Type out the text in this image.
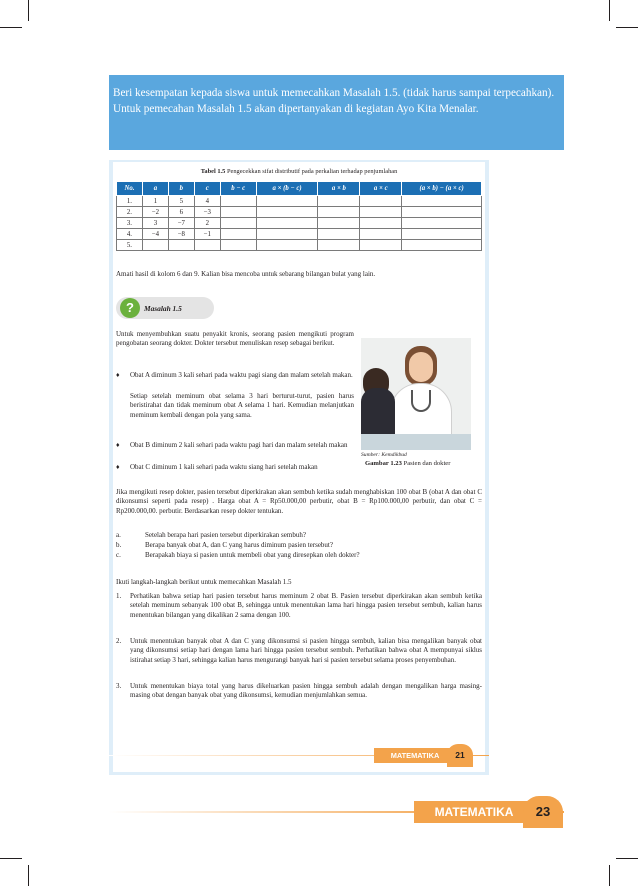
Beri kesempatan kepada siswa untuk memecahkan Masalah 1.5. (tidak harus sampai terpecahkan).

Untuk pemecahan Masalah 1.5 akan dipertanyakan di kegiatan Ayo Kita Menalar.

Tabel 1.5 Pengecekkan sifat distributif pada perkalian terhadap penjumlahan
No.	a	b	c	b − c	a × (b − c)	a × b	a × c	(a × b) − (a × c)
1.	1	5	4					
2.	−2	6	−3					
3.	3	−7	2					
4.	−4	−8	−1					
5.								
Amati hasil di kolom 6 dan 9. Kalian bisa mencoba untuk sebarang bilangan bulat yang lain.
?	Masalah 1.5
Untuk menyembuhkan suatu penyakit kronis, seorang pasien mengikuti program pengobatan seorang dokter. Dokter tersebut menuliskan resep sebagai berikut.
♦ Obat A diminum 3 kali sehari pada waktu pagi siang dan malam setelah makan.
Setiap setelah meminum obat selama 3 hari berturut-turut, pasien harus beristirahat dan tidak meminum obat A selama 1 hari. Kemudian melanjutkan meminum kembali dengan pola yang sama.
♦ Obat B diminum 2 kali sehari pada waktu pagi hari dan malam setelah makan
♦ Obat C diminum 1 kali sehari pada waktu siang hari setelah makan
Sumber: Kemdikbud
Gambar 1.23 Pasien dan dokter
Jika mengikuti resep dokter, pasien tersebut diperkirakan akan sembuh ketika sudah menghabiskan 100 obat B (obat A dan obat C dikonsumsi seperti pada resep) . Harga obat A = Rp50.000,00 perbutir, obat B = Rp100.000,00 perbutir, dan obat C = Rp200.000,00. perbutir. Berdasarkan resep dokter tentukan.
a.	Setelah berapa hari pasien tersebut diperkirakan sembuh?
b.	Berapa banyak obat A, dan C yang harus diminum pasien tersebut?
c.	Berapakah biaya si pasien untuk membeli obat yang diresepkan oleh dokter?
Ikuti langkah-langkah berikut untuk memecahkan Masalah 1.5
1. Perhatikan bahwa setiap hari pasien tersebut harus meminum 2 obat B. Pasien tersebut diperkirakan akan sembuh ketika setelah meminum sebanyak 100 obat B, sehingga untuk menentukan lama hari hingga pasien tersebut sembuh, kalian harus menentukan bilangan yang dikalikan 2 sama dengan 100.
2. Untuk menentukan banyak obat A dan C yang dikonsumsi si pasien hingga sembuh, kalian bisa mengalikan banyak obat yang dikonsumsi setiap hari dengan lama hari hingga pasien tersebut sembuh. Perhatikan bahwa obat A mempunyai siklus istirahat setiap 3 hari, sehingga kalian harus mengurangi banyak hari si pasien tersebut selama proses penyembuhan.
3. Untuk menentukan biaya total yang harus dikeluarkan pasien hingga sembuh adalah dengan mengalikan harga masing-masing obat dengan banyak obat yang dikonsumsi, kemudian menjumlahkan semua.
MATEMATIKA	21
MATEMATIKA	23
